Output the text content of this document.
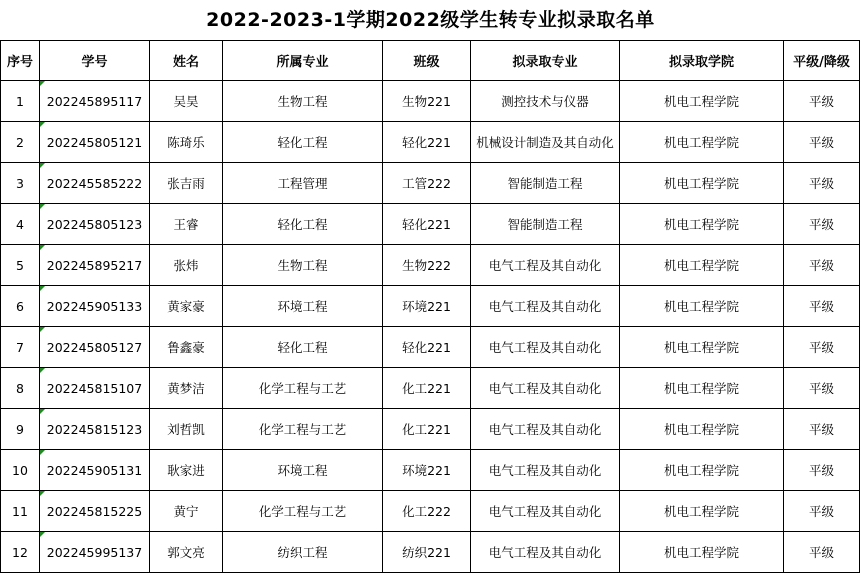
2022-2023-1学期2022级学生转专业拟录取名单
序号	学号	姓名	所属专业	班级	拟录取专业	拟录取学院	平级/降级
1	202245895117	吴昊	生物工程	生物221	测控技术与仪器	机电工程学院	平级
2	202245805121	陈琦乐	轻化工程	轻化221	机械设计制造及其自动化	机电工程学院	平级
3	202245585222	张吉雨	工程管理	工管222	智能制造工程	机电工程学院	平级
4	202245805123	王睿	轻化工程	轻化221	智能制造工程	机电工程学院	平级
5	202245895217	张炜	生物工程	生物222	电气工程及其自动化	机电工程学院	平级
6	202245905133	黄家豪	环境工程	环境221	电气工程及其自动化	机电工程学院	平级
7	202245805127	鲁鑫豪	轻化工程	轻化221	电气工程及其自动化	机电工程学院	平级
8	202245815107	黄梦洁	化学工程与工艺	化工221	电气工程及其自动化	机电工程学院	平级
9	202245815123	刘哲凯	化学工程与工艺	化工221	电气工程及其自动化	机电工程学院	平级
10	202245905131	耿家进	环境工程	环境221	电气工程及其自动化	机电工程学院	平级
11	202245815225	黄宁	化学工程与工艺	化工222	电气工程及其自动化	机电工程学院	平级
12	202245995137	郭文亮	纺织工程	纺织221	电气工程及其自动化	机电工程学院	平级
